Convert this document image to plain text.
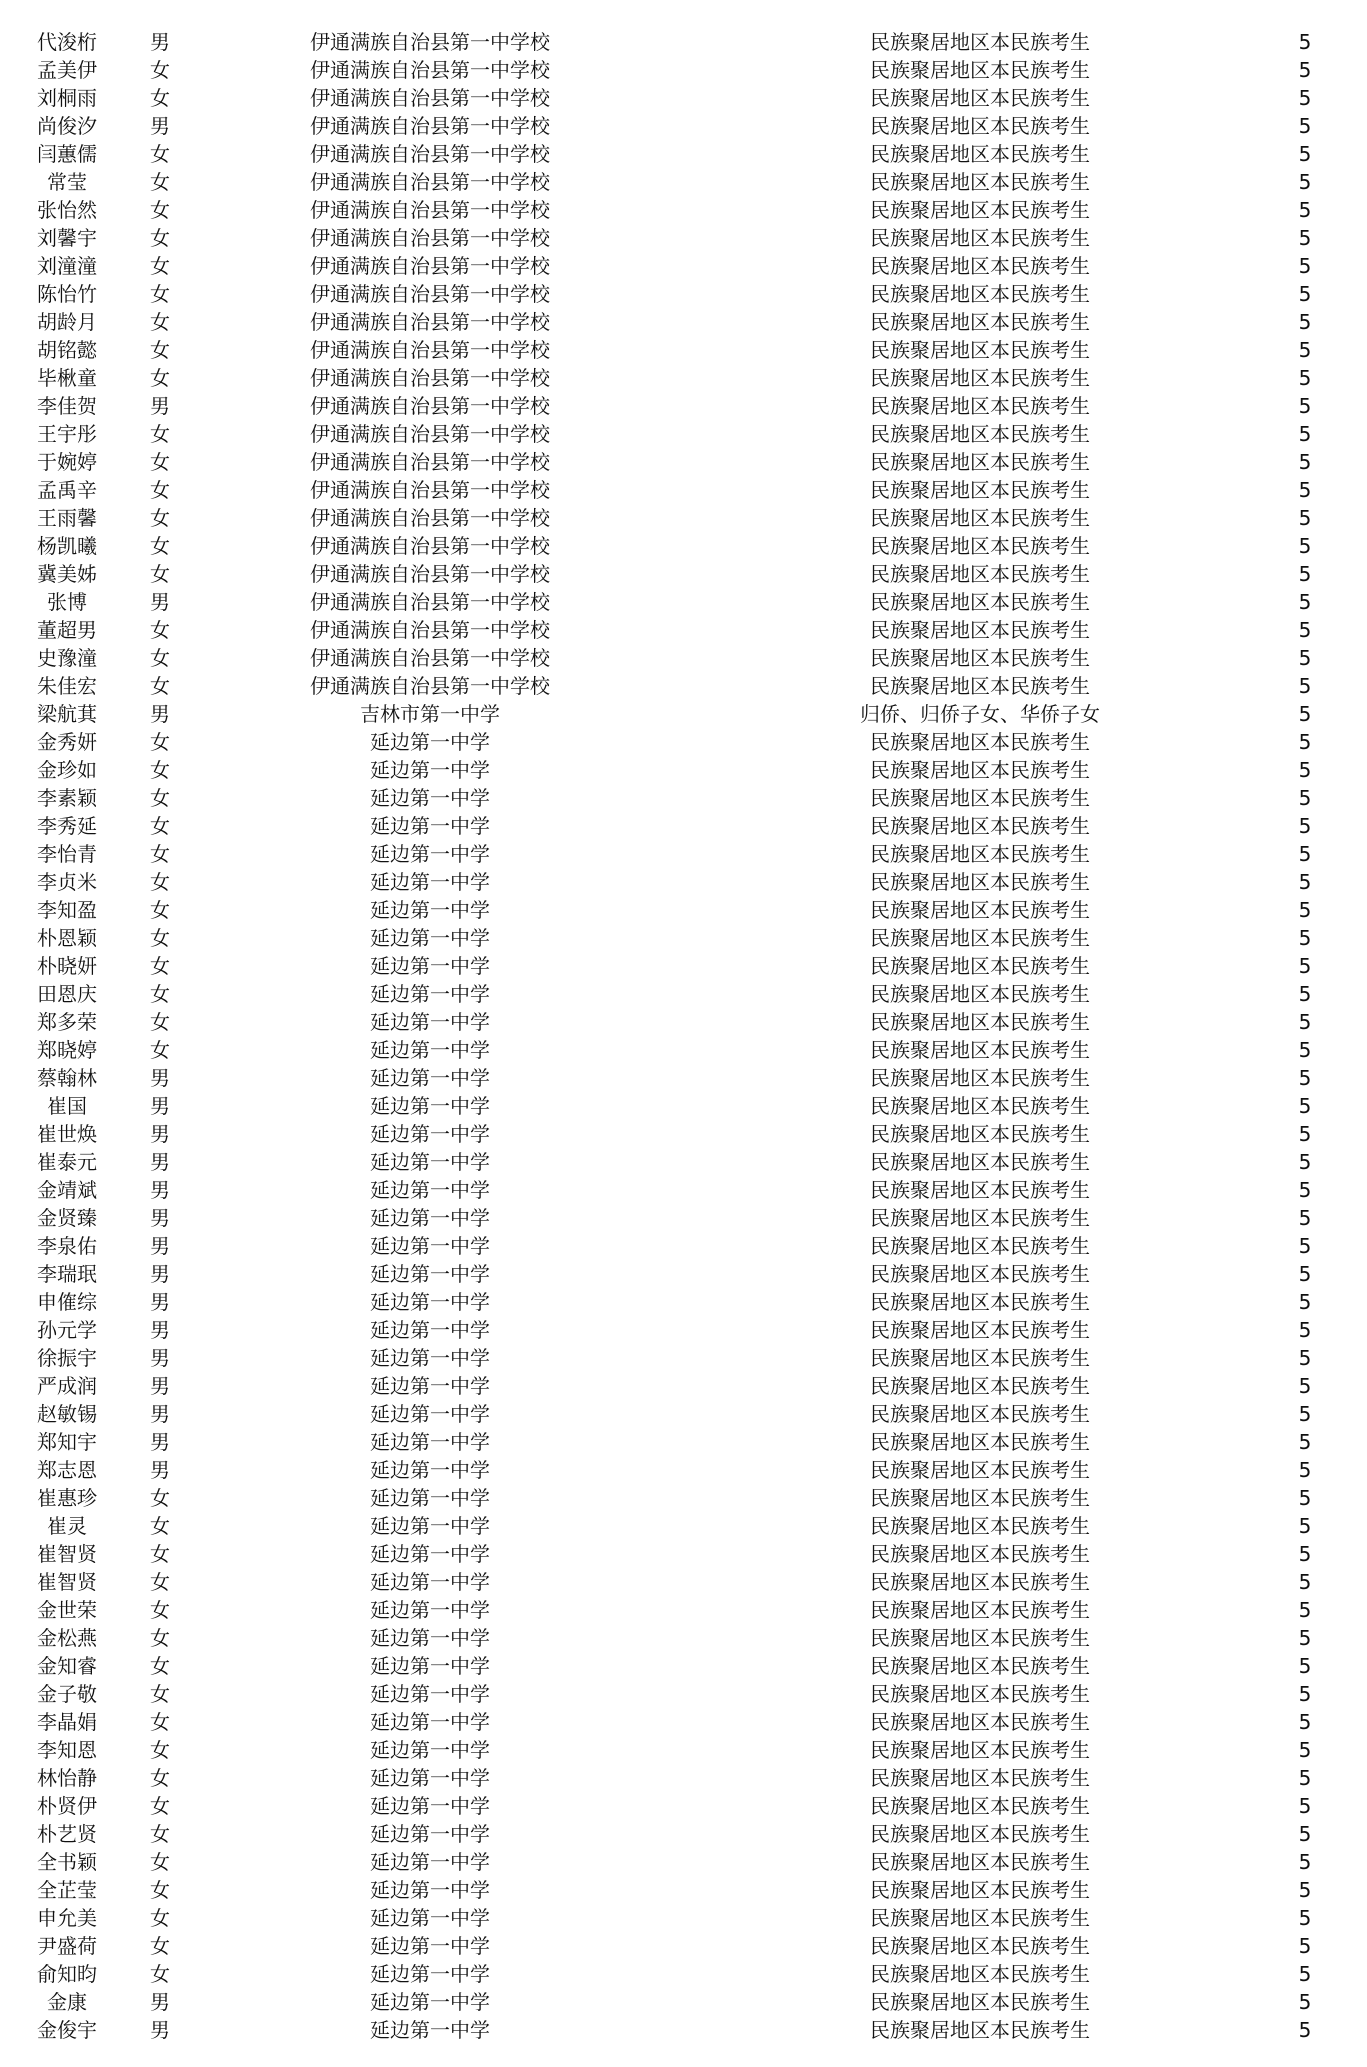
代浚桁	男	伊通满族自治县第一中学校	民族聚居地区本民族考生	5
孟美伊	女	伊通满族自治县第一中学校	民族聚居地区本民族考生	5
刘桐雨	女	伊通满族自治县第一中学校	民族聚居地区本民族考生	5
尚俊汐	男	伊通满族自治县第一中学校	民族聚居地区本民族考生	5
闫蕙儒	女	伊通满族自治县第一中学校	民族聚居地区本民族考生	5
常莹	女	伊通满族自治县第一中学校	民族聚居地区本民族考生	5
张怡然	女	伊通满族自治县第一中学校	民族聚居地区本民族考生	5
刘馨宇	女	伊通满族自治县第一中学校	民族聚居地区本民族考生	5
刘潼潼	女	伊通满族自治县第一中学校	民族聚居地区本民族考生	5
陈怡竹	女	伊通满族自治县第一中学校	民族聚居地区本民族考生	5
胡龄月	女	伊通满族自治县第一中学校	民族聚居地区本民族考生	5
胡铭懿	女	伊通满族自治县第一中学校	民族聚居地区本民族考生	5
毕楸童	女	伊通满族自治县第一中学校	民族聚居地区本民族考生	5
李佳贺	男	伊通满族自治县第一中学校	民族聚居地区本民族考生	5
王宇彤	女	伊通满族自治县第一中学校	民族聚居地区本民族考生	5
于婉婷	女	伊通满族自治县第一中学校	民族聚居地区本民族考生	5
孟禹辛	女	伊通满族自治县第一中学校	民族聚居地区本民族考生	5
王雨馨	女	伊通满族自治县第一中学校	民族聚居地区本民族考生	5
杨凯曦	女	伊通满族自治县第一中学校	民族聚居地区本民族考生	5
冀美姊	女	伊通满族自治县第一中学校	民族聚居地区本民族考生	5
张博	男	伊通满族自治县第一中学校	民族聚居地区本民族考生	5
董超男	女	伊通满族自治县第一中学校	民族聚居地区本民族考生	5
史豫潼	女	伊通满族自治县第一中学校	民族聚居地区本民族考生	5
朱佳宏	女	伊通满族自治县第一中学校	民族聚居地区本民族考生	5
梁航萁	男	吉林市第一中学	归侨、归侨子女、华侨子女	5
金秀妍	女	延边第一中学	民族聚居地区本民族考生	5
金珍如	女	延边第一中学	民族聚居地区本民族考生	5
李素颖	女	延边第一中学	民族聚居地区本民族考生	5
李秀延	女	延边第一中学	民族聚居地区本民族考生	5
李怡青	女	延边第一中学	民族聚居地区本民族考生	5
李贞米	女	延边第一中学	民族聚居地区本民族考生	5
李知盈	女	延边第一中学	民族聚居地区本民族考生	5
朴恩颖	女	延边第一中学	民族聚居地区本民族考生	5
朴晓妍	女	延边第一中学	民族聚居地区本民族考生	5
田恩庆	女	延边第一中学	民族聚居地区本民族考生	5
郑多荣	女	延边第一中学	民族聚居地区本民族考生	5
郑晓婷	女	延边第一中学	民族聚居地区本民族考生	5
蔡翰林	男	延边第一中学	民族聚居地区本民族考生	5
崔国	男	延边第一中学	民族聚居地区本民族考生	5
崔世焕	男	延边第一中学	民族聚居地区本民族考生	5
崔泰元	男	延边第一中学	民族聚居地区本民族考生	5
金靖斌	男	延边第一中学	民族聚居地区本民族考生	5
金贤臻	男	延边第一中学	民族聚居地区本民族考生	5
李泉佑	男	延边第一中学	民族聚居地区本民族考生	5
李瑞珉	男	延边第一中学	民族聚居地区本民族考生	5
申傕综	男	延边第一中学	民族聚居地区本民族考生	5
孙元学	男	延边第一中学	民族聚居地区本民族考生	5
徐振宇	男	延边第一中学	民族聚居地区本民族考生	5
严成润	男	延边第一中学	民族聚居地区本民族考生	5
赵敏锡	男	延边第一中学	民族聚居地区本民族考生	5
郑知宇	男	延边第一中学	民族聚居地区本民族考生	5
郑志恩	男	延边第一中学	民族聚居地区本民族考生	5
崔惠珍	女	延边第一中学	民族聚居地区本民族考生	5
崔灵	女	延边第一中学	民族聚居地区本民族考生	5
崔智贤	女	延边第一中学	民族聚居地区本民族考生	5
崔智贤	女	延边第一中学	民族聚居地区本民族考生	5
金世荣	女	延边第一中学	民族聚居地区本民族考生	5
金松燕	女	延边第一中学	民族聚居地区本民族考生	5
金知睿	女	延边第一中学	民族聚居地区本民族考生	5
金子敬	女	延边第一中学	民族聚居地区本民族考生	5
李晶娟	女	延边第一中学	民族聚居地区本民族考生	5
李知恩	女	延边第一中学	民族聚居地区本民族考生	5
林怡静	女	延边第一中学	民族聚居地区本民族考生	5
朴贤伊	女	延边第一中学	民族聚居地区本民族考生	5
朴艺贤	女	延边第一中学	民族聚居地区本民族考生	5
全书颖	女	延边第一中学	民族聚居地区本民族考生	5
全芷莹	女	延边第一中学	民族聚居地区本民族考生	5
申允美	女	延边第一中学	民族聚居地区本民族考生	5
尹盛荷	女	延边第一中学	民族聚居地区本民族考生	5
俞知昀	女	延边第一中学	民族聚居地区本民族考生	5
金康	男	延边第一中学	民族聚居地区本民族考生	5
金俊宇	男	延边第一中学	民族聚居地区本民族考生	5
